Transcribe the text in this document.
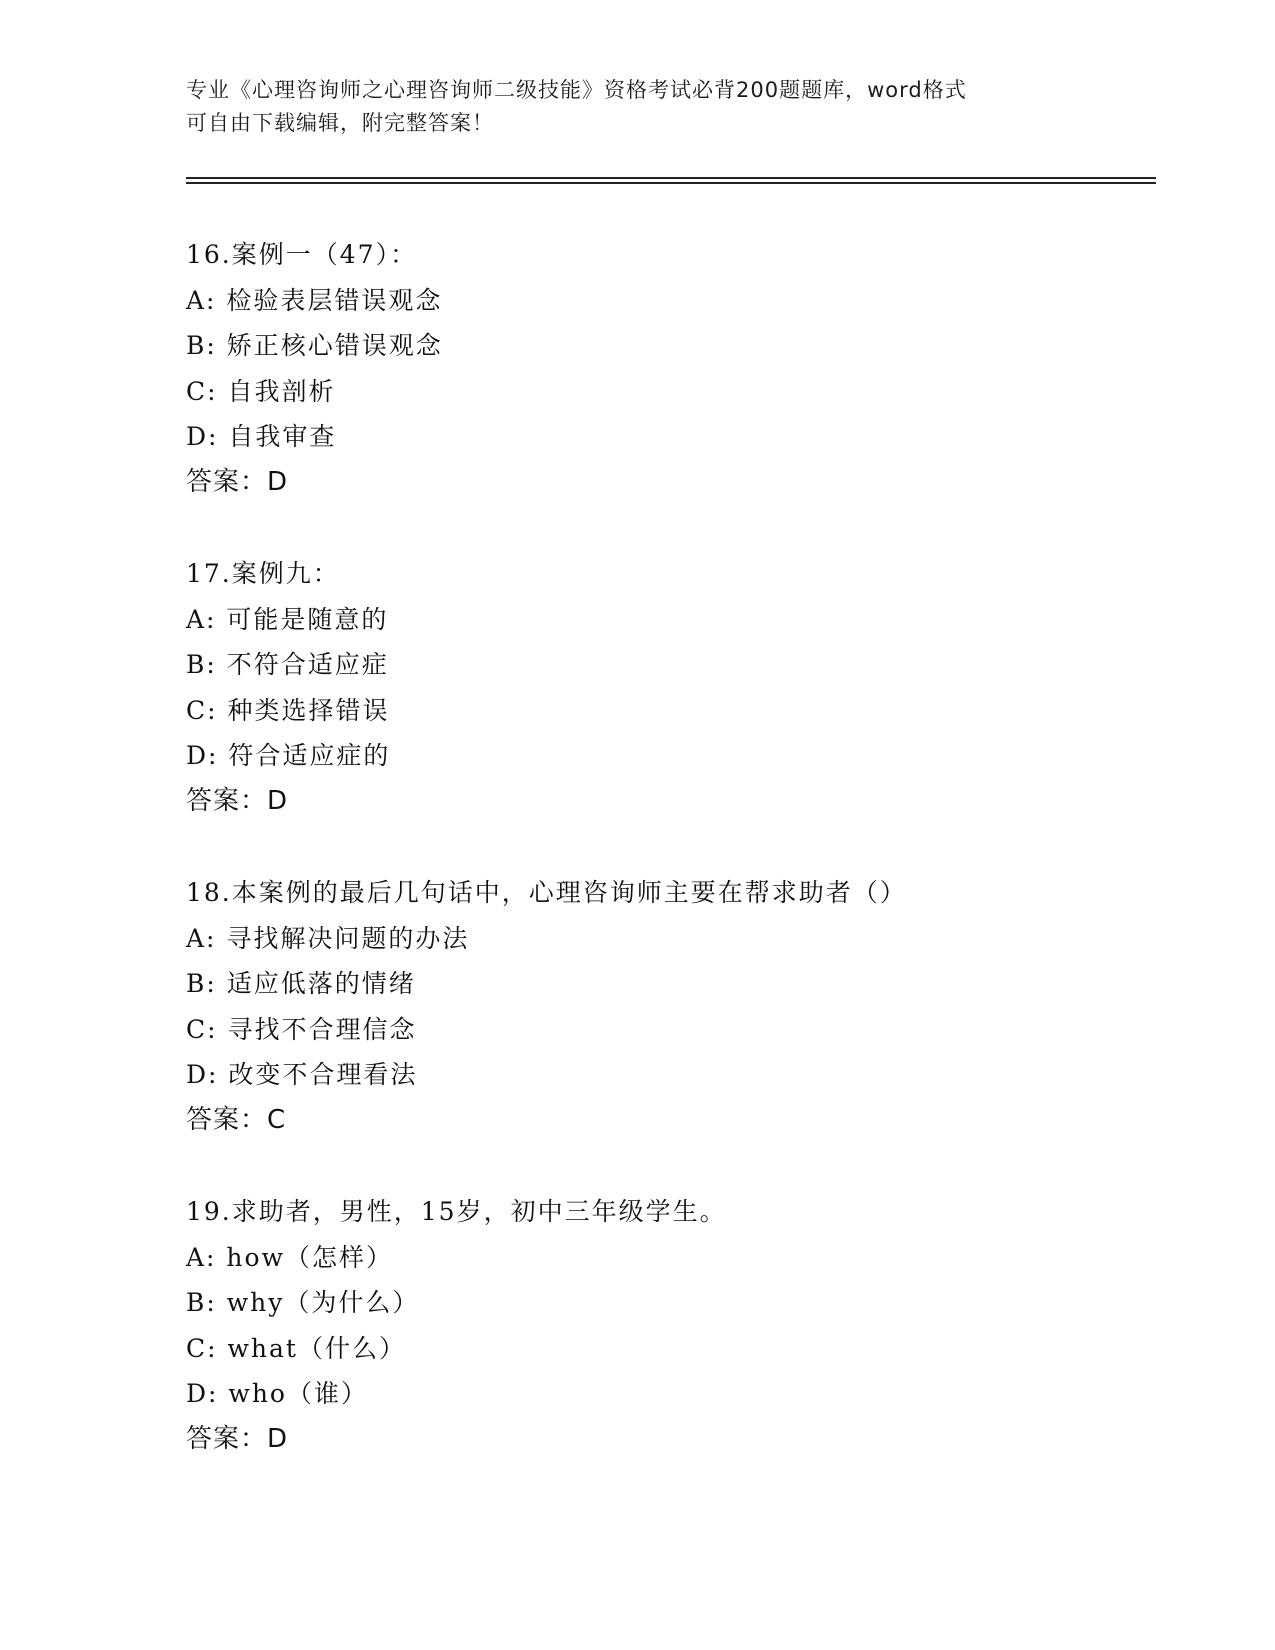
专业《心理咨询师之心理咨询师二级技能》资格考试必背200题题库，word格式
可自由下载编辑，附完整答案！
16.案例一（47）：
A: 检验表层错误观念
B: 矫正核心错误观念
C: 自我剖析
D: 自我审查
答案：D
17.案例九：
A: 可能是随意的
B: 不符合适应症
C: 种类选择错误
D: 符合适应症的
答案：D
18.本案例的最后几句话中，心理咨询师主要在帮求助者（）
A: 寻找解决问题的办法
B: 适应低落的情绪
C: 寻找不合理信念
D: 改变不合理看法
答案：C
19.求助者，男性，15岁，初中三年级学生。
A: how（怎样）
B: why（为什么）
C: what（什么）
D: who（谁）
答案：D
